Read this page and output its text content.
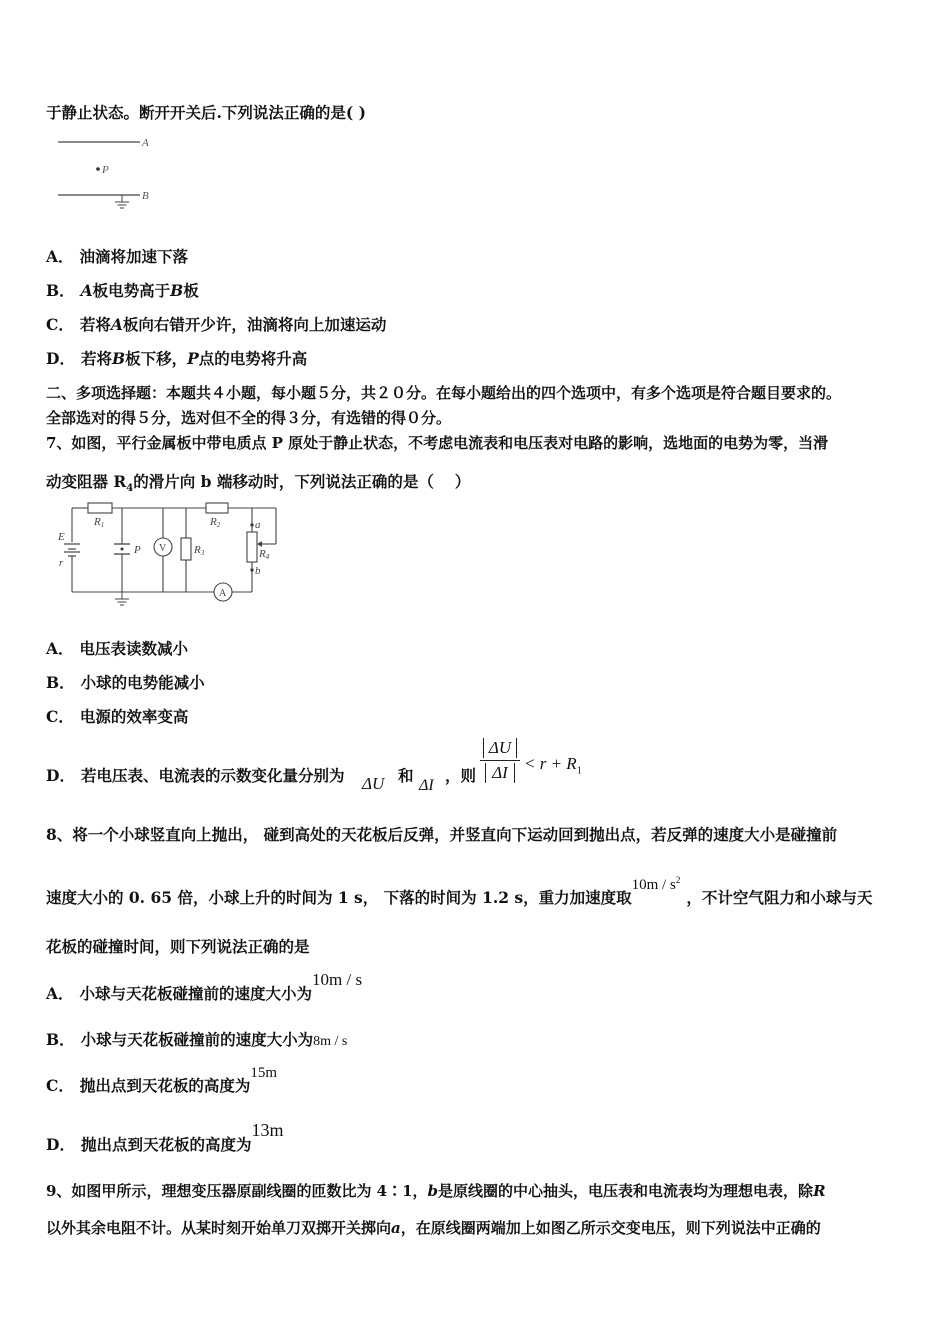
于静止状态。断开开关后.下列说法正确的是( )
A
P
B
A． 油滴将加速下落
B． A板电势高于B板
C． 若将A板向右错开少许，油滴将向上加速运动
D． 若将B板下移，P点的电势将升高
二、多项选择题：本题共４小题，每小题５分，共２０分。在每小题给出的四个选项中，有多个选项是符合题目要求的。
全部选对的得５分，选对但不全的得３分，有选错的得０分。
7、如图，平行金属板中带电质点 P 原处于静止状态，不考虑电流表和电压表对电路的影响，选地面的电势为零，当滑
动变阻器 $R_4$的滑片向 b 端移动时，下列说法正确的是（　 ）
E
r
R1
P V	R3
R2	a
R4
b
A
A． 电压表读数减小
B． 小球的电势能减小
C． 电源的效率变高
D． 若电压表、电流表的示数变化量分别为 ΔU 和
ΔI
，则
ΔU
$\Delta I < r + R_1$
8、将一个小球竖直向上抛出， 碰到高处的天花板后反弹，并竖直向下运动回到抛出点，若反弹的速度大小是碰撞前
速度大小的 0. 65 倍，小球上升的时间为 1 s， 下落的时间为 1.2 s，重力加速度取$10m / s^2$，不计空气阻力和小球与天
花板的碰撞时间，则下列说法正确的是
A． 小球与天花板碰撞前的速度大小为10m / s
B． 小球与天花板碰撞前的速度大小为8m / s
C． 抛出点到天花板的高度为15m
D． 抛出点到天花板的高度为13m
9、如图甲所示，理想变压器原副线圈的匝数比为 4∶1，b是原线圈的中心抽头，电压表和电流表均为理想电表，除R
以外其余电阻不计。从某时刻开始单刀双掷开关掷向a，在原线圈两端加上如图乙所示交变电压，则下列说法中正确的
